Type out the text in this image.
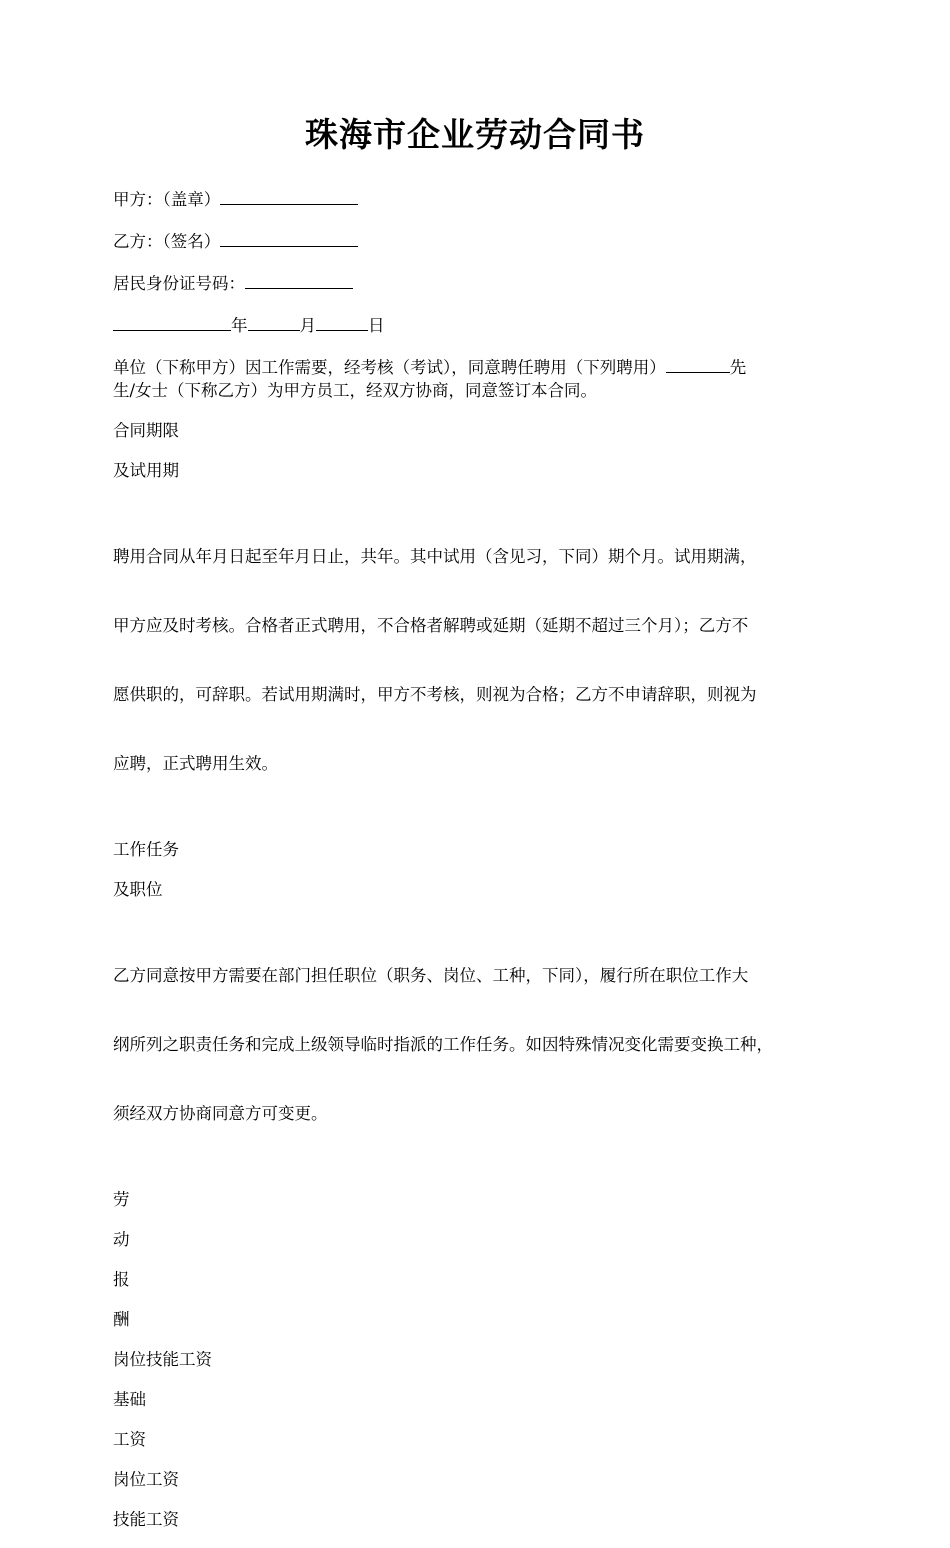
珠海市企业劳动合同书
甲方：（盖章）
乙方：（签名）
居民身份证号码：
年	月	日
单位（下称甲方）因工作需要，经考核（考试），同意聘任聘用（下列聘用）	先
生/女士（下称乙方）为甲方员工，经双方协商，同意签订本合同。
合同期限
及试用期

聘用合同从年月日起至年月日止，共年。其中试用（含见习，下同）期个月。试用期满，

甲方应及时考核。合格者正式聘用，不合格者解聘或延期（延期不超过三个月）；乙方不

愿供职的，可辞职。若试用期满时，甲方不考核，则视为合格；乙方不申请辞职，则视为

应聘，正式聘用生效。

工作任务
及职位

乙方同意按甲方需要在部门担任职位（职务、岗位、工种，下同），履行所在职位工作大

纲所列之职责任务和完成上级领导临时指派的工作任务。如因特殊情况变化需要变换工种，

须经双方协商同意方可变更。

劳
动
报
酬
岗位技能工资
基础
工资
岗位工资
技能工资
